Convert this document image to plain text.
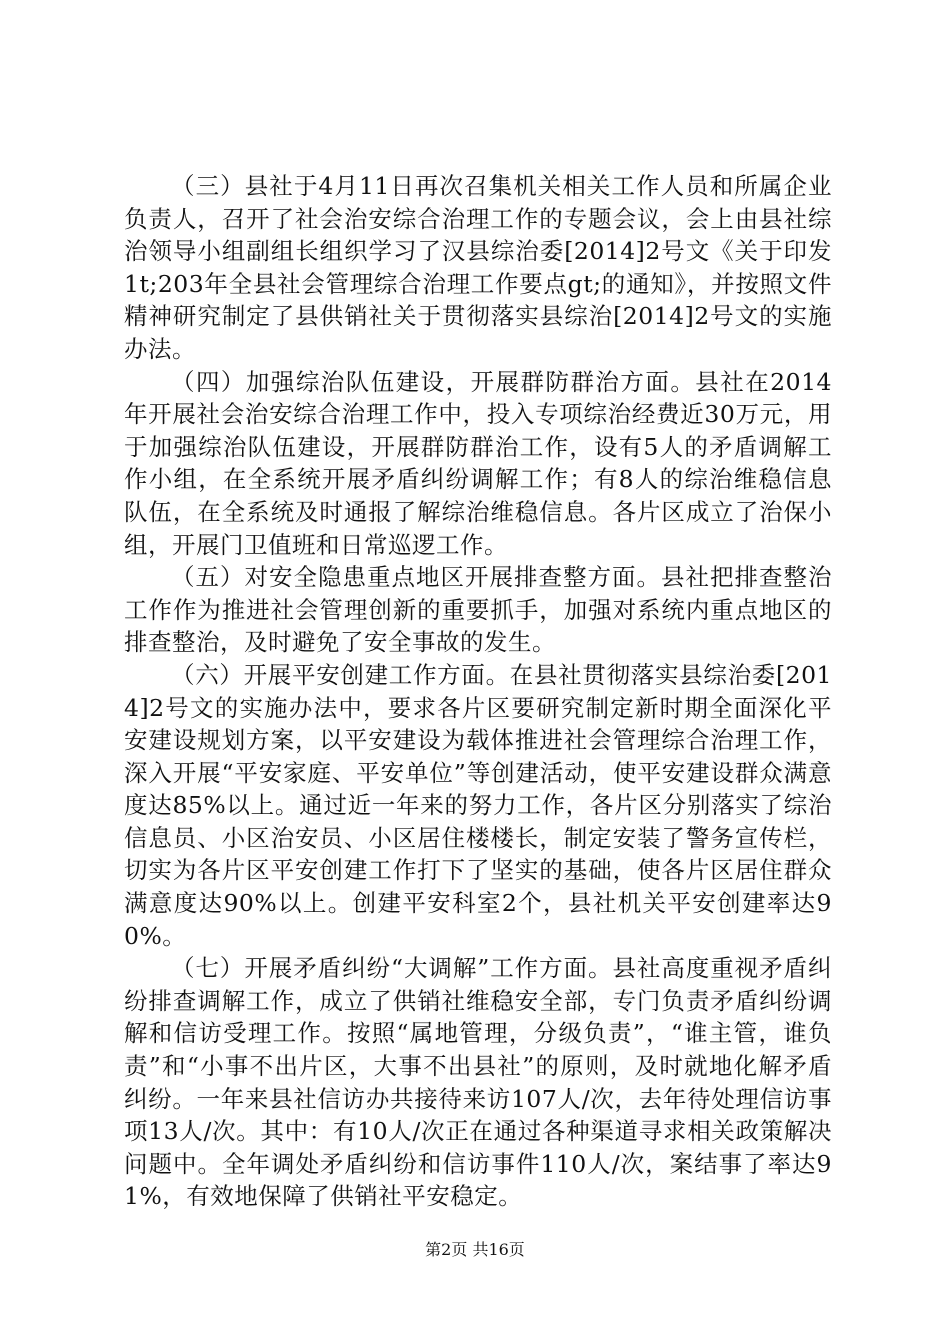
（三）县社于4月11日再次召集机关相关工作人员和所属企业负责人，召开了社会治安综合治理工作的专题会议，会上由县社综治领导小组副组长组织学习了汉县综治委[2014]2号文《关于印发1t;203年全县社会管理综合治理工作要点gt;的通知》，并按照文件精神研究制定了县供销社关于贯彻落实县综治[2014]2号文的实施办法。

（四）加强综治队伍建设，开展群防群治方面。县社在2014年开展社会治安综合治理工作中，投入专项综治经费近30万元，用于加强综治队伍建设，开展群防群治工作，设有5人的矛盾调解工作小组，在全系统开展矛盾纠纷调解工作；有8人的综治维稳信息队伍，在全系统及时通报了解综治维稳信息。各片区成立了治保小组，开展门卫值班和日常巡逻工作。

（五）对安全隐患重点地区开展排查整方面。县社把排查整治工作作为推进社会管理创新的重要抓手，加强对系统内重点地区的排查整治，及时避免了安全事故的发生。

（六）开展平安创建工作方面。在县社贯彻落实县综治委[2014]2号文的实施办法中，要求各片区要研究制定新时期全面深化平安建设规划方案，以平安建设为载体推进社会管理综合治理工作，深入开展“平安家庭、平安单位”等创建活动，使平安建设群众满意度达85%以上。通过近一年来的努力工作，各片区分别落实了综治信息员、小区治安员、小区居住楼楼长，制定安装了警务宣传栏，切实为各片区平安创建工作打下了坚实的基础，使各片区居住群众满意度达90%以上。创建平安科室2个，县社机关平安创建率达90%。

（七）开展矛盾纠纷“大调解”工作方面。县社高度重视矛盾纠纷排查调解工作，成立了供销社维稳安全部，专门负责矛盾纠纷调解和信访受理工作。按照“属地管理，分级负责”，“谁主管，谁负责”和“小事不出片区，大事不出县社”的原则，及时就地化解矛盾纠纷。一年来县社信访办共接待来访107人/次，去年待处理信访事项13人/次。其中：有10人/次正在通过各种渠道寻求相关政策解决问题中。全年调处矛盾纠纷和信访事件110人/次，案结事了率达91%，有效地保障了供销社平安稳定。

第2页 共16页
